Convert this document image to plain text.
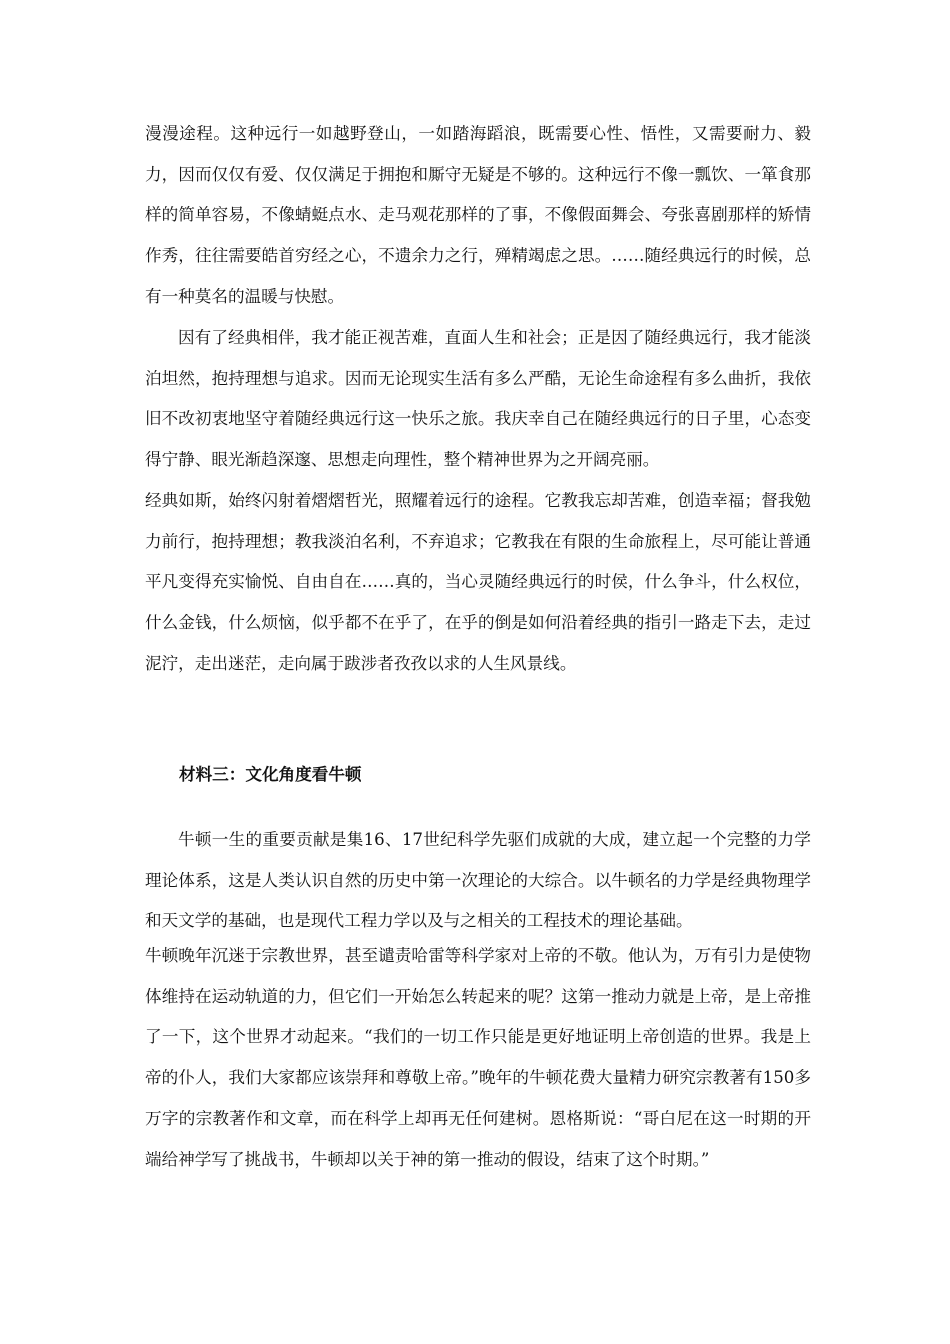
漫漫途程。这种远行一如越野登山，一如踏海蹈浪，既需要心性、悟性，又需要耐力、毅力，因而仅仅有爱、仅仅满足于拥抱和厮守无疑是不够的。这种远行不像一瓢饮、一箪食那样的简单容易，不像蜻蜓点水、走马观花那样的了事，不像假面舞会、夸张喜剧那样的矫情作秀，往往需要皓首穷经之心，不遗余力之行，殚精竭虑之思。……随经典远行的时候，总有一种莫名的温暖与快慰。

因有了经典相伴，我才能正视苦难，直面人生和社会；正是因了随经典远行，我才能淡泊坦然，抱持理想与追求。因而无论现实生活有多么严酷，无论生命途程有多么曲折，我依旧不改初衷地坚守着随经典远行这一快乐之旅。我庆幸自己在随经典远行的日子里，心态变得宁静、眼光渐趋深邃、思想走向理性，整个精神世界为之开阔亮丽。

经典如斯，始终闪射着熠熠哲光，照耀着远行的途程。它教我忘却苦难，创造幸福；督我勉力前行，抱持理想；教我淡泊名利，不弃追求；它教我在有限的生命旅程上，尽可能让普通平凡变得充实愉悦、自由自在……真的，当心灵随经典远行的时侯，什么争斗，什么权位，什么金钱，什么烦恼，似乎都不在乎了，在乎的倒是如何沿着经典的指引一路走下去，走过泥泞，走出迷茫，走向属于跋涉者孜孜以求的人生风景线。

材料三：文化角度看牛顿

牛顿一生的重要贡献是集16、17世纪科学先驱们成就的大成，建立起一个完整的力学理论体系，这是人类认识自然的历史中第一次理论的大综合。以牛顿名的力学是经典物理学和天文学的基础，也是现代工程力学以及与之相关的工程技术的理论基础。

牛顿晚年沉迷于宗教世界，甚至谴责哈雷等科学家对上帝的不敬。他认为，万有引力是使物体维持在运动轨道的力，但它们一开始怎么转起来的呢？这第一推动力就是上帝，是上帝推了一下，这个世界才动起来。“我们的一切工作只能是更好地证明上帝创造的世界。我是上帝的仆人，我们大家都应该崇拜和尊敬上帝。”晚年的牛顿花费大量精力研究宗教著有150多万字的宗教著作和文章，而在科学上却再无任何建树。恩格斯说：“哥白尼在这一时期的开端给神学写了挑战书，牛顿却以关于神的第一推动的假设，结束了这个时期。”
